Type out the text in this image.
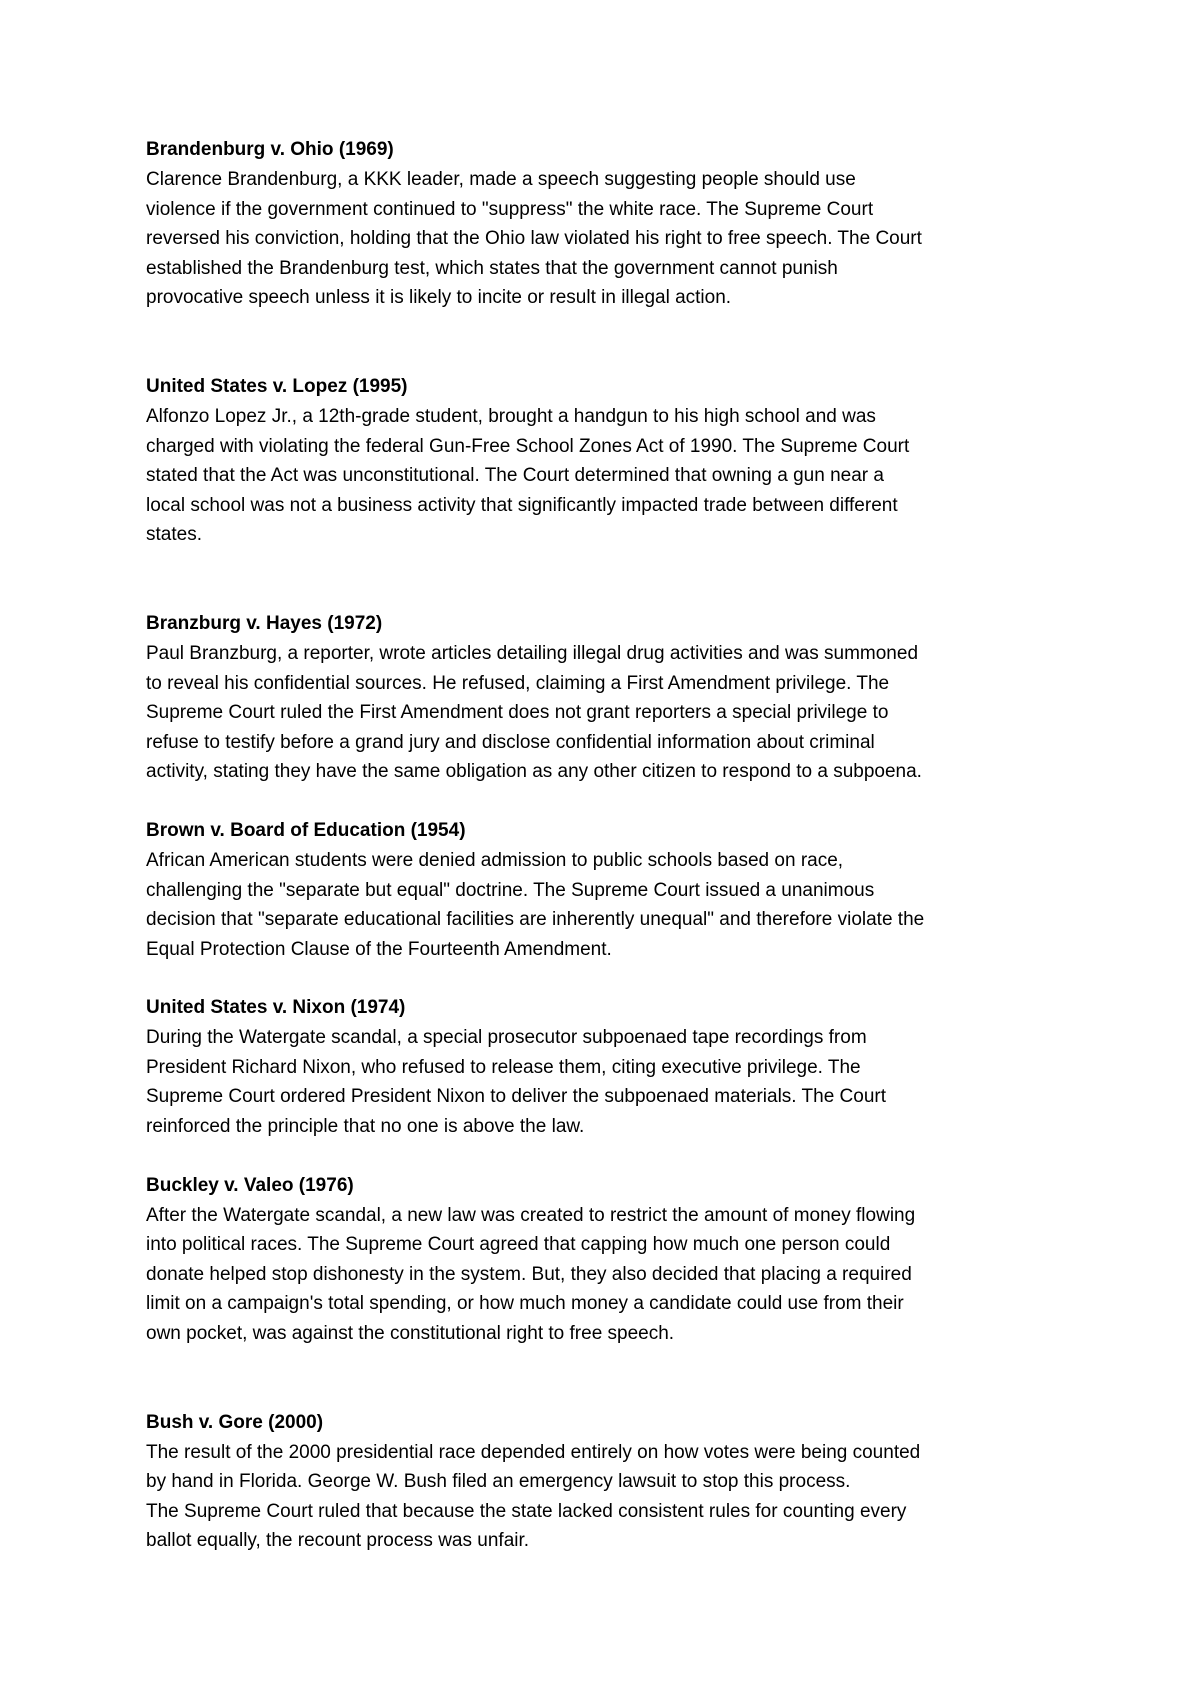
Brandenburg v. Ohio (1969)

Clarence Brandenburg, a KKK leader, made a speech suggesting people should use

violence if the government continued to "suppress" the white race. The Supreme Court

reversed his conviction, holding that the Ohio law violated his right to free speech. The Court

established the Brandenburg test, which states that the government cannot punish

provocative speech unless it is likely to incite or result in illegal action.

United States v. Lopez (1995)

Alfonzo Lopez Jr., a 12th-grade student, brought a handgun to his high school and was

charged with violating the federal Gun-Free School Zones Act of 1990. The Supreme Court

stated that the Act was unconstitutional. The Court determined that owning a gun near a

local school was not a business activity that significantly impacted trade between different

states.

Branzburg v. Hayes (1972)

Paul Branzburg, a reporter, wrote articles detailing illegal drug activities and was summoned

to reveal his confidential sources. He refused, claiming a First Amendment privilege. The

Supreme Court ruled the First Amendment does not grant reporters a special privilege to

refuse to testify before a grand jury and disclose confidential information about criminal

activity, stating they have the same obligation as any other citizen to respond to a subpoena.

Brown v. Board of Education (1954)

African American students were denied admission to public schools based on race,

challenging the "separate but equal" doctrine. The Supreme Court issued a unanimous

decision that "separate educational facilities are inherently unequal" and therefore violate the

Equal Protection Clause of the Fourteenth Amendment.

United States v. Nixon (1974)

During the Watergate scandal, a special prosecutor subpoenaed tape recordings from

President Richard Nixon, who refused to release them, citing executive privilege. The

Supreme Court ordered President Nixon to deliver the subpoenaed materials. The Court

reinforced the principle that no one is above the law.

Buckley v. Valeo (1976)

After the Watergate scandal, a new law was created to restrict the amount of money flowing

into political races. The Supreme Court agreed that capping how much one person could

donate helped stop dishonesty in the system. But, they also decided that placing a required

limit on a campaign's total spending, or how much money a candidate could use from their

own pocket, was against the constitutional right to free speech.

Bush v. Gore (2000)

The result of the 2000 presidential race depended entirely on how votes were being counted

by hand in Florida. George W. Bush filed an emergency lawsuit to stop this process.

The Supreme Court ruled that because the state lacked consistent rules for counting every

ballot equally, the recount process was unfair.
